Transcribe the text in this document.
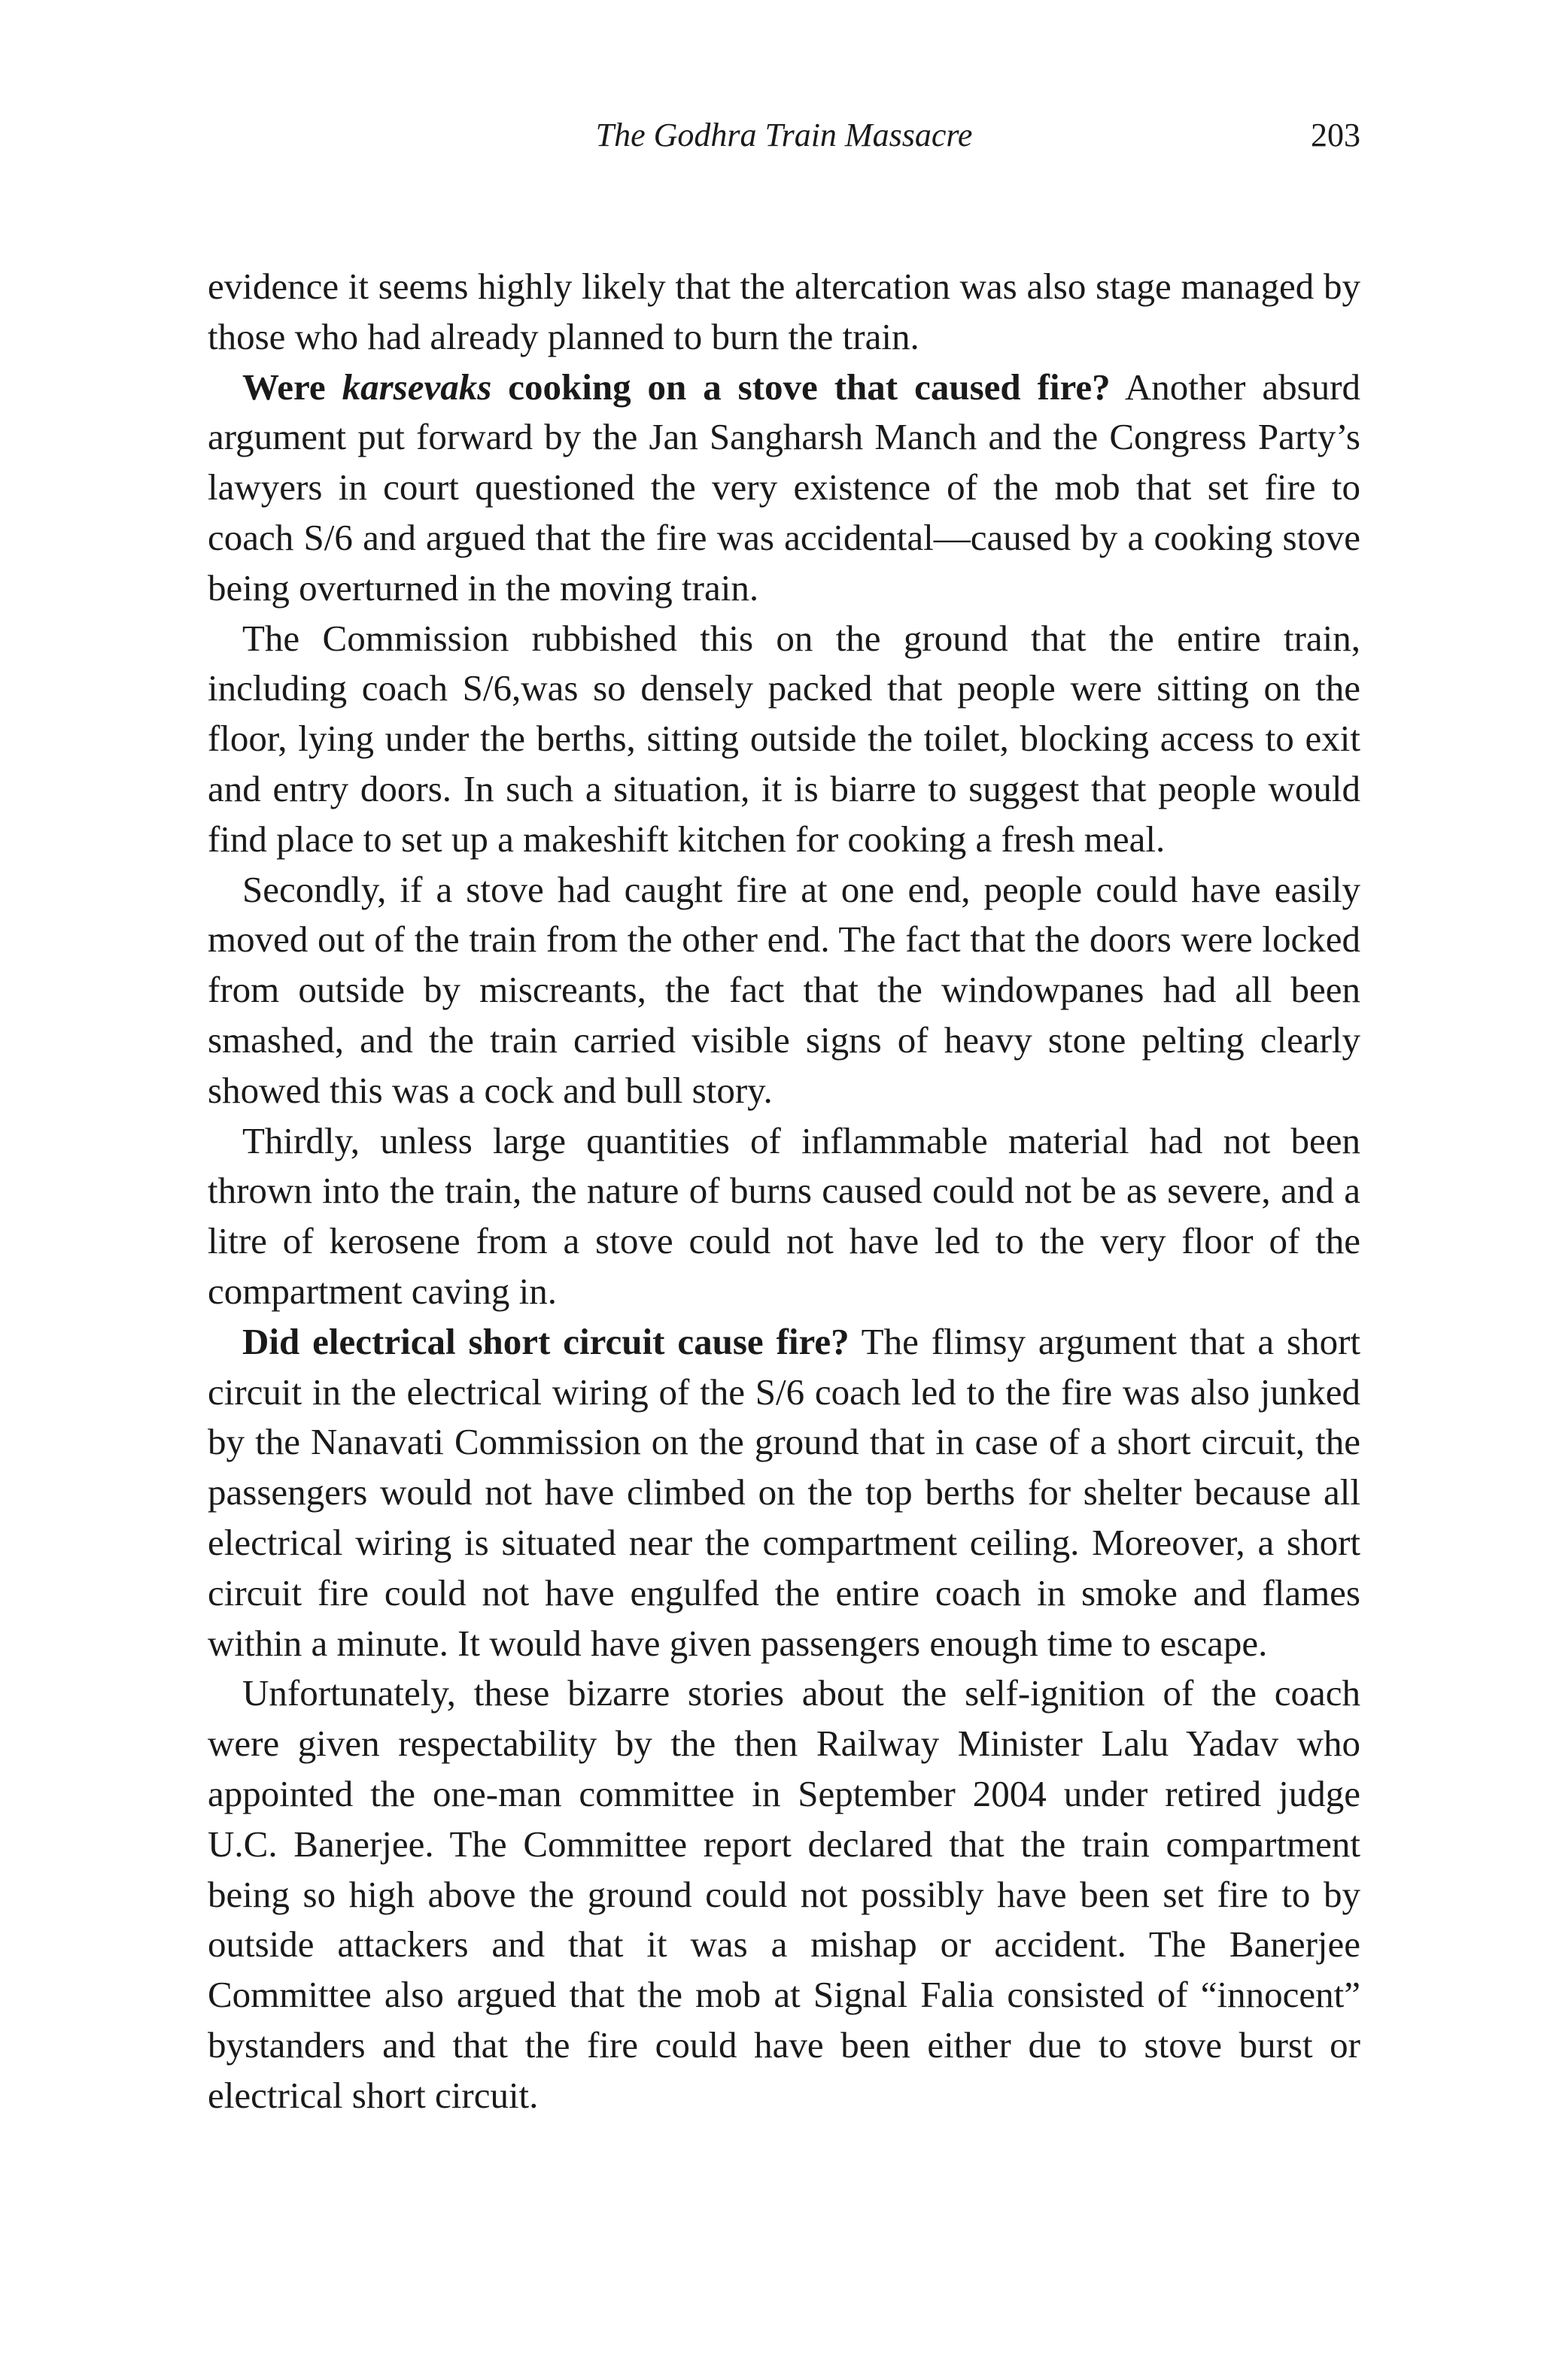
The Godhra Train Massacre	203

evidence it seems highly likely that the altercation was also stage managed by those who had already planned to burn the train.

Were karsevaks cooking on a stove that caused fire? Another absurd argument put forward by the Jan Sangharsh Manch and the Congress Party’s lawyers in court questioned the very existence of the mob that set fire to coach S/6 and argued that the fire was accidental—caused by a cooking stove being overturned in the moving train.

The Commission rubbished this on the ground that the entire train, including coach S/6,was so densely packed that people were sitting on the floor, lying under the berths, sitting outside the toilet, blocking access to exit and entry doors. In such a situation, it is biarre to suggest that people would find place to set up a makeshift kitchen for cooking a fresh meal.

Secondly, if a stove had caught fire at one end, people could have easily moved out of the train from the other end. The fact that the doors were locked from outside by miscreants, the fact that the windowpanes had all been smashed, and the train carried visible signs of heavy stone pelting clearly showed this was a cock and bull story.

Thirdly, unless large quantities of inflammable material had not been thrown into the train, the nature of burns caused could not be as severe, and a litre of kerosene from a stove could not have led to the very floor of the compartment caving in.

Did electrical short circuit cause fire? The flimsy argument that a short circuit in the electrical wiring of the S/6 coach led to the fire was also junked by the Nanavati Commission on the ground that in case of a short circuit, the passengers would not have climbed on the top berths for shelter because all electrical wiring is situated near the compartment ceiling. Moreover, a short circuit fire could not have engulfed the entire coach in smoke and flames within a minute. It would have given passengers enough time to escape.

Unfortunately, these bizarre stories about the self-ignition of the coach were given respectability by the then Railway Minister Lalu Yadav who appointed the one-man committee in September 2004 under retired judge U.C. Banerjee. The Committee report declared that the train compartment being so high above the ground could not possibly have been set fire to by outside attackers and that it was a mishap or accident. The Banerjee Committee also argued that the mob at Signal Falia consisted of “innocent” bystanders and that the fire could have been either due to stove burst or electrical short circuit.
